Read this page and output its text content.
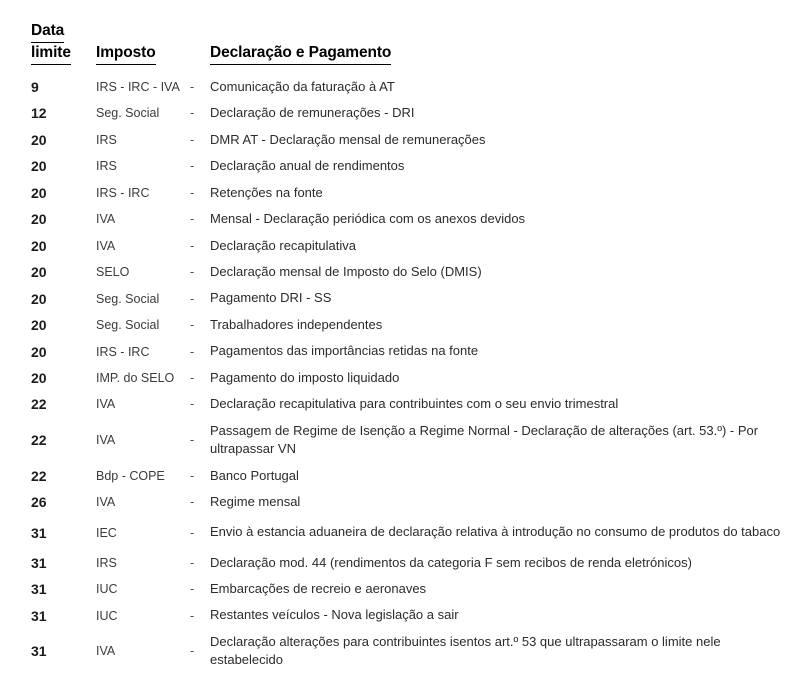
Data
limite	Imposto		Declaração e Pagamento

9	IRS - IRC - IVA	-	Comunicação da faturação à AT
12	Seg. Social	-	Declaração de remunerações - DRI
20	IRS	-	DMR AT - Declaração mensal de remunerações
20	IRS	-	Declaração anual de rendimentos
20	IRS - IRC	-	Retenções na fonte
20	IVA	-	Mensal - Declaração periódica com os anexos devidos
20	IVA	-	Declaração recapitulativa
20	SELO	-	Declaração mensal de Imposto do Selo (DMIS)
20	Seg. Social	-	Pagamento DRI - SS
20	Seg. Social	-	Trabalhadores independentes
20	IRS - IRC	-	Pagamentos das importâncias retidas na fonte
20	IMP. do SELO	-	Pagamento do imposto liquidado
22	IVA	-	Declaração recapitulativa para contribuintes com o seu envio trimestral
22	IVA	-	Passagem de Regime de Isenção a Regime Normal - Declaração de alterações (art. 53.º) - Por ultrapassar VN
22	Bdp - COPE	-	Banco Portugal
26	IVA	-	Regime mensal
31	IEC	-	Envio à estancia aduaneira de declaração relativa à introdução no consumo de produtos do tabaco
31	IRS	-	Declaração mod. 44 (rendimentos da categoria F sem recibos de renda eletrónicos)
31	IUC	-	Embarcações de recreio e aeronaves
31	IUC	-	Restantes veículos - Nova legislação a sair
31	IVA	-	Declaração alterações para contribuintes isentos art.º 53 que ultrapassaram o limite nele estabelecido
